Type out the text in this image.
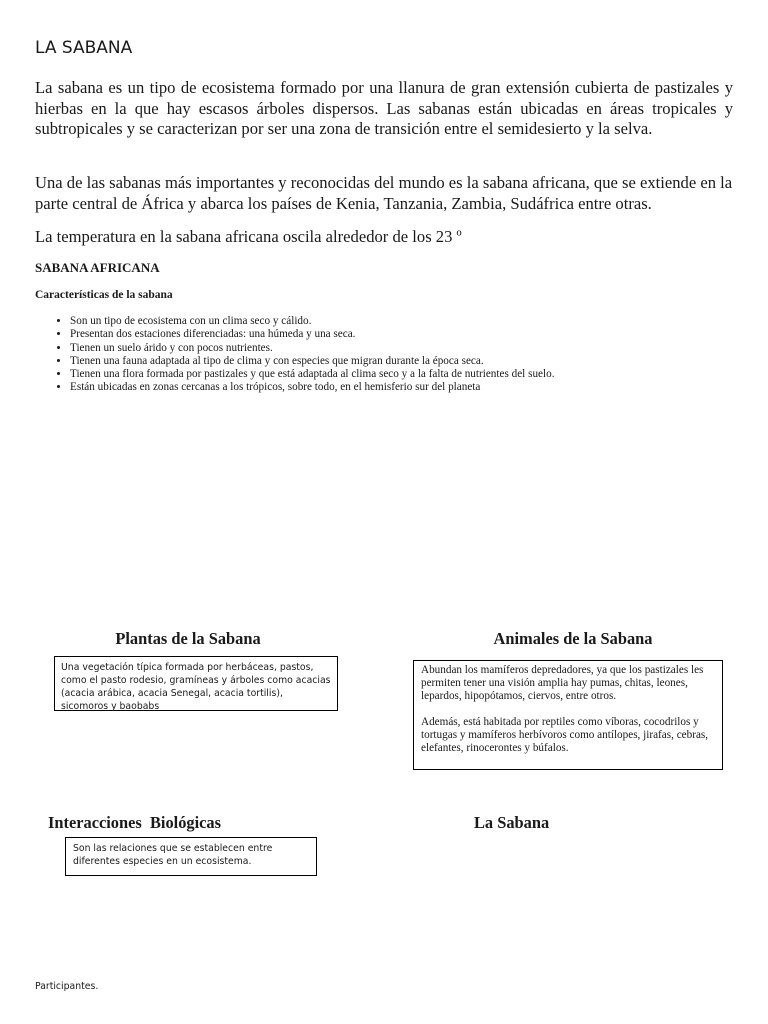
LA SABANA

La sabana es un tipo de ecosistema formado por una llanura de gran extensión cubierta de pastizales y hierbas en la que hay escasos árboles dispersos. Las sabanas están ubicadas en áreas tropicales y subtropicales y se caracterizan por ser una zona de transición entre el semidesierto y la selva.

Una de las sabanas más importantes y reconocidas del mundo es la sabana africana, que se extiende en la parte central de África y abarca los países de Kenia, Tanzania, Zambia, Sudáfrica entre otras.

La temperatura en la sabana africana oscila alrededor de los 23 º

SABANA AFRICANA
Características de la sabana
• Son un tipo de ecosistema con un clima seco y cálido.
• Presentan dos estaciones diferenciadas: una húmeda y una seca.
• Tienen un suelo árido y con pocos nutrientes.
• Tienen una fauna adaptada al tipo de clima y con especies que migran durante la época seca.
• Tienen una flora formada por pastizales y que está adaptada al clima seco y a la falta de nutrientes del suelo.
• Están ubicadas en zonas cercanas a los trópicos, sobre todo, en el hemisferio sur del planeta
Plantas de la Sabana
Una vegetación típica formada por herbáceas, pastos, como el pasto rodesio, gramíneas y árboles como acacias (acacia arábica, acacia Senegal, acacia tortilis), sicomoros y baobabs
Animales de la Sabana

Abundan los mamíferos depredadores, ya que los pastizales les permiten tener una visión amplia hay pumas, chitas, leones, lepardos, hipopótamos, ciervos, entre otros.

Además, está habitada por reptiles como víboras, cocodrilos y tortugas y mamíferos herbívoros como antílopes, jirafas, cebras, elefantes, rinocerontes y búfalos.

Interacciones  Biológicas
Son las relaciones que se establecen entre diferentes especies en un ecosistema.
La Sabana
Participantes.
